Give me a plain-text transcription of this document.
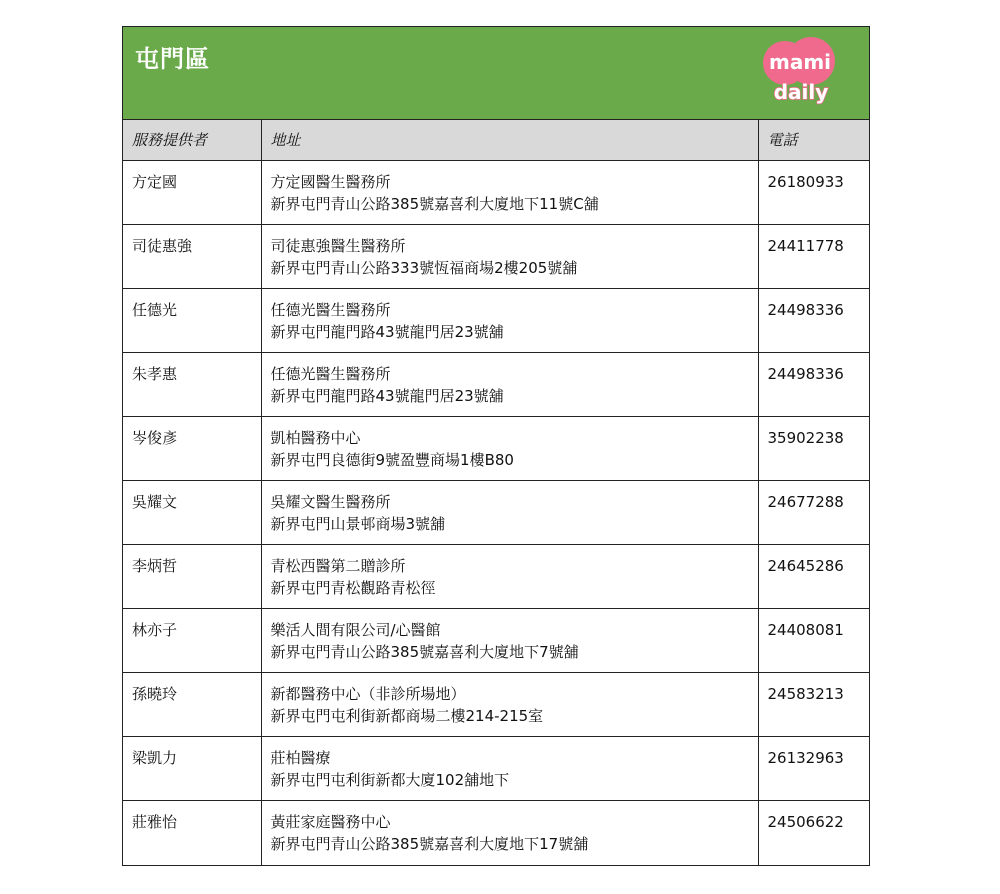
屯門區	mami
daily
服務提供者	地址	電話
方定國	方定國醫生醫務所
新界屯門青山公路385號嘉喜利大廈地下11號C舖	26180933
司徒惠強	司徒惠強醫生醫務所
新界屯門青山公路333號恆福商場2樓205號舖	24411778
任德光	任德光醫生醫務所
新界屯門龍門路43號龍門居23號舖	24498336
朱孝惠	任德光醫生醫務所
新界屯門龍門路43號龍門居23號舖	24498336
岑俊彥	凱柏醫務中心
新界屯門良德街9號盈豐商場1樓B80	35902238
吳耀文	吳耀文醫生醫務所
新界屯門山景邨商場3號舖	24677288
李炳哲	青松西醫第二贈診所
新界屯門青松觀路青松徑	24645286
林亦子	樂活人間有限公司/心醫館
新界屯門青山公路385號嘉喜利大廈地下7號舖	24408081
孫曉玲	新都醫務中心（非診所場地）
新界屯門屯利街新都商場二樓214-215室	24583213
梁凱力	莊柏醫療
新界屯門屯利街新都大廈102舖地下	26132963
莊雅怡	黃莊家庭醫務中心
新界屯門青山公路385號嘉喜利大廈地下17號舖	24506622
